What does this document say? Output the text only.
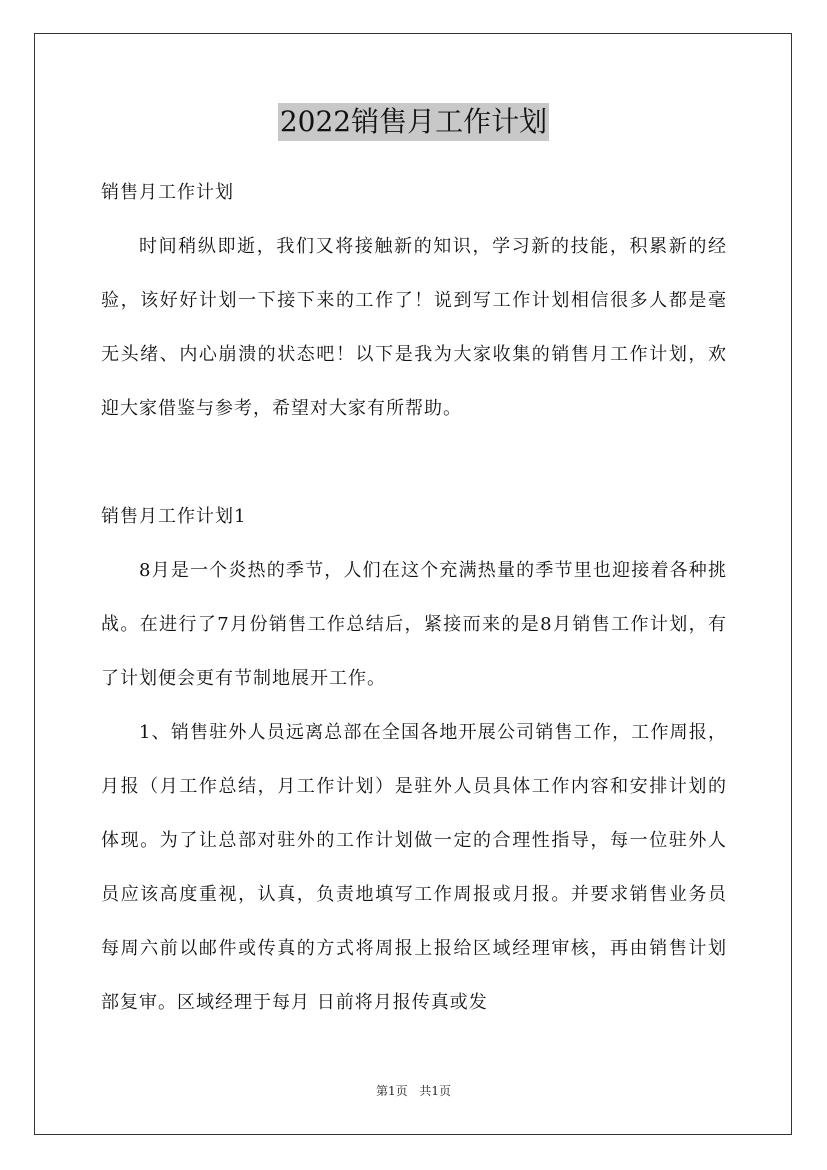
2022销售月工作计划

销售月工作计划

时间稍纵即逝，我们又将接触新的知识，学习新的技能，积累新的经验，该好好计划一下接下来的工作了！说到写工作计划相信很多人都是毫无头绪、内心崩溃的状态吧！以下是我为大家收集的销售月工作计划，欢迎大家借鉴与参考，希望对大家有所帮助。

销售月工作计划1

8月是一个炎热的季节，人们在这个充满热量的季节里也迎接着各种挑战。在进行了7月份销售工作总结后，紧接而来的是8月销售工作计划，有了计划便会更有节制地展开工作。

1、销售驻外人员远离总部在全国各地开展公司销售工作，工作周报，月报（月工作总结，月工作计划）是驻外人员具体工作内容和安排计划的体现。为了让总部对驻外的工作计划做一定的合理性指导，每一位驻外人员应该高度重视，认真，负责地填写工作周报或月报。并要求销售业务员每周六前以邮件或传真的方式将周报上报给区域经理审核，再由销售计划部复审。区域经理于每月 日前将月报传真或发

第1页 共1页
